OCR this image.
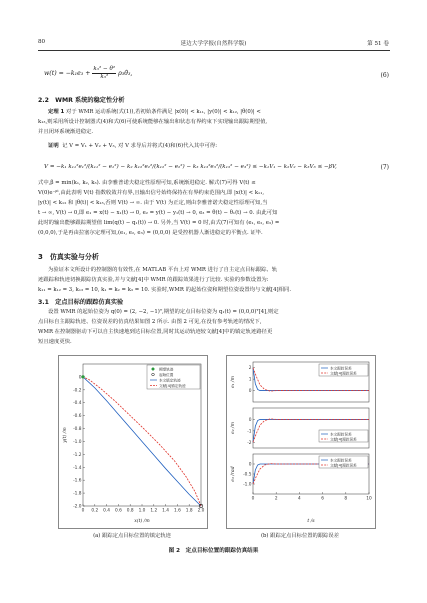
80	延边大学学报(自然科学版)	第 51 卷
$w(t) = -k_1e_3 + \frac{\text{k₃² − θ²}}{\text{k₃²}}$ ρ₃θ̂₃,	(6)
2.2　WMR 系统的稳定性分析
定理 1 对于 WMR 运动系统(式(1)),若初始条件满足 |x(0)| < k₁₁, |y(0)| < k₁₂, |θ(0)| <
k₁₃,则采用所设计控制器式(4)和式(6)可使系统能够在输出和状态有界约束下实现输出跟踪期望值,
并且闭环系统渐进稳定.
证明 记 V = V₁ + V₂ + V₃, 对 V 求导后并将式(4)和(6)代入其中可得:
V̇ = −k₁ k₁₁²e₁²/(k₁₁² − e₁²) − k₂ k₁₂²e₂²/(k₁₂² − e₂²) − k₃ k₁₃²e₃²/(k₁₃² − e₃²) ≤ −k₁V₁ − k₂V₂ − k₃V₃ ≤ −βV,	(7)
式中,β = min(k₁, k₂, k₃). 由李雅普诺夫稳定性原理可知,系统渐进稳定. 解式(7)可得 V(t) ≤
V(0)e⁻ᵝᵗ,由此表明 V(t) 指数收敛并有界,且输出信号始终保持在有界约束范围内,即 |x(t)| < k₁₁,
|y(t)| < k₁₂ 和 |θ(t)| < k₁₃,否则 V(t) → ∞. 由于 V(t) 为正定,则由李雅普诺夫稳定性原理可知,当
t → ∞, V(t) → 0,即 e₁ = x(t) − x₁(t) → 0, e₂ = y(t) − y₁(t) → 0, e₃ = θ(t) − θ₁(t) → 0. 由此可知
此时的输出能够跟踪期望值 lim(q(t) − q₁(t)) → 0. 另外,当 V(t) = 0 时,由式(7)可知有 (e₁, e₂, e₃) =
(0,0,0),于是再由拉塞尔定理可知,(e₁, e₂, e₃) = (0,0,0) 是受控机器人渐进稳定的平衡点. 证毕.
3　仿真实验与分析
为验证本文所设计的控制器的有效性,在 MATLAB 平台上对 WMR 进行了自主定点目标跟踪、轨
迹跟踪和轨迹切换跟踪仿真实验,并与文献[4]中 WMR 的跟踪效果进行了比较. 实验的参数设置为:
k₁₁ = k₁₂ = 3, k₁₃ = 10, k₁ = k₂ = k₃ = 10. 实验时,WMR 的起始位姿和期望位姿设置均与文献[4]相同.
3.1　定点目标的跟踪仿真实验
设置 WMR 的起始位姿为 q(0) = (2, −2, −1)ᵀ,期望的定点目标位姿为 q₁(t) = (0,0,0)ᵀ[4],则定
点目标自主跟踪轨迹、位姿误差的仿真结果如图 2 所示. 由图 2 可见,在没有参考轨迹的情况下,
WMR 在控制器驱动下可以自主快速地到达目标位置,同时其运动轨迹较文献[4]中的镇定轨迹路径更
短且速度更快.
0 0.2 0.4 0.6 0.8 1.0 1.2 1.4 1.6 1.8 2.0
0
-0.2
-0.4
-0.6
-0.8
-1.0
-1.2
-1.4
-1.6
-1.8
-2.0
x(t) /m
y(t) /m
期望轨迹
起始位置
本文镇定轨迹
文献[4]镇定轨迹
2
1
0
e₁ /m
本文跟踪误差
文献[4]跟踪误差
0
-1
-2
e₂ /m
本文跟踪误差
文献[4]跟踪误差
0
-0.5
-1.0
e₃ /rad
本文跟踪误差
文献[4]跟踪误差
0	2	4	6	8	10
t /s
(a) 跟踪定点目标位置的镇定轨迹	(b) 跟踪定点目标位置的跟踪误差
图 2　定点目标位置的跟踪仿真结果
